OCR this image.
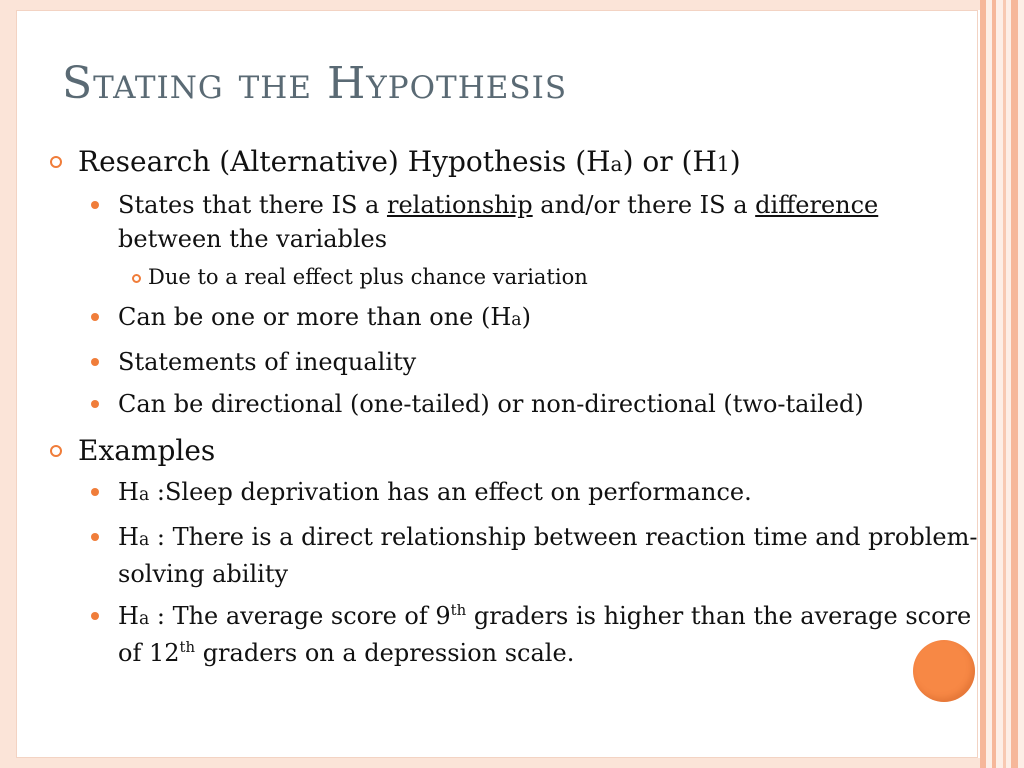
Stating the Hypothesis

Research (Alternative) Hypothesis (Ha) or (H1)

States that there IS a relationship and/or there IS a difference between the variables

Due to a real effect plus chance variation

Can be one or more than one (Ha)

Statements of inequality

Can be directional (one-tailed) or non-directional (two-tailed)

Examples

Ha :Sleep deprivation has an effect on performance.

Ha : There is a direct relationship between reaction time and problem-solving ability

Ha : The average score of 9th graders is higher than the average score of 12th graders on a depression scale.
